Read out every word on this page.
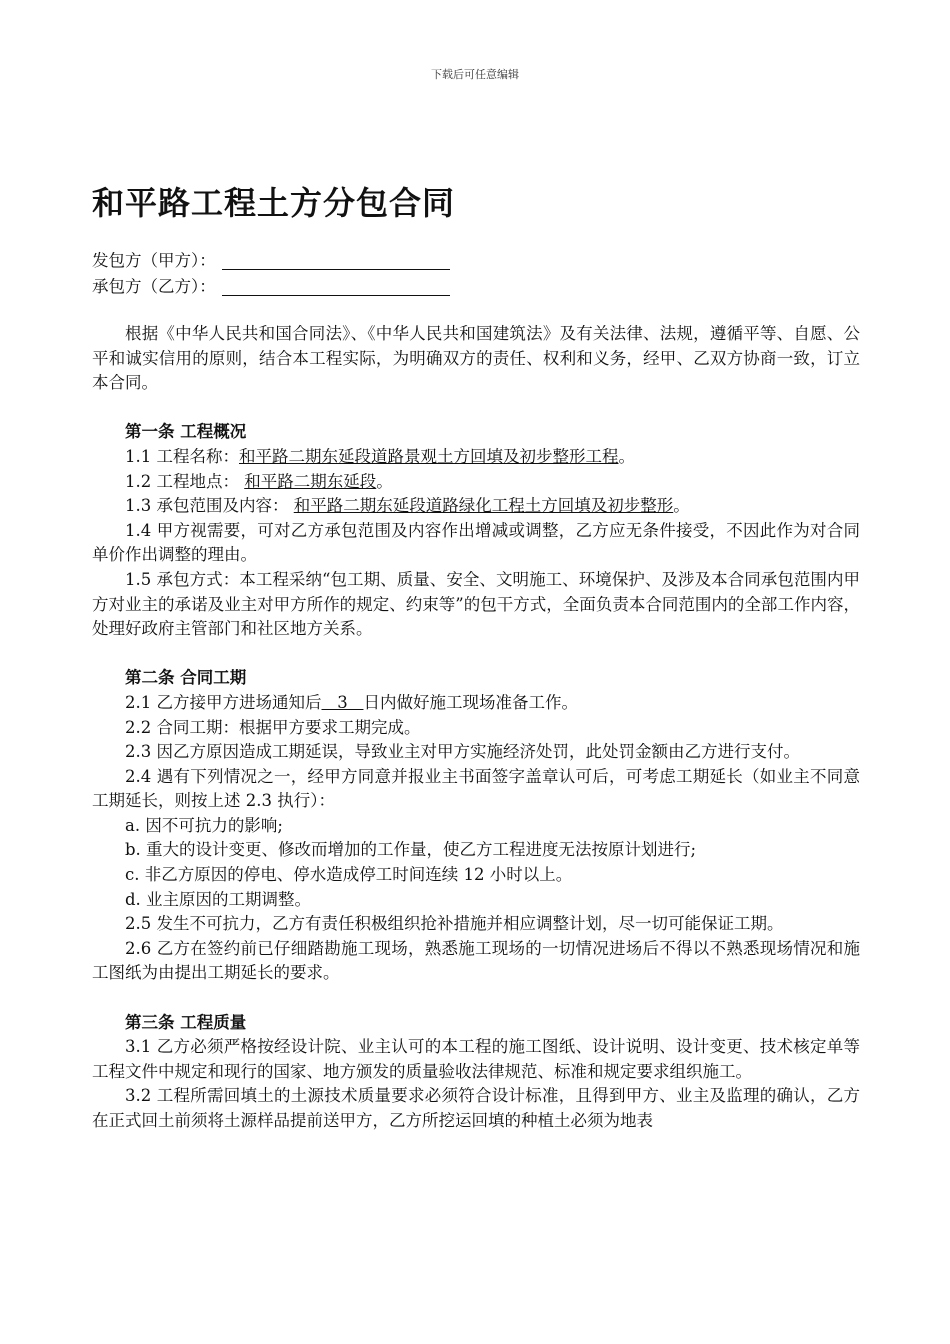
下载后可任意编辑
和平路工程土方分包合同
发包方（甲方）：
承包方（乙方）：

根据《中华人民共和国合同法》、《中华人民共和国建筑法》及有关法律、法规，遵循平等、自愿、公平和诚实信用的原则，结合本工程实际，为明确双方的责任、权利和义务，经甲、乙双方协商一致，订立本合同。

第一条 工程概况

1.1 工程名称：和平路二期东延段道路景观土方回填及初步整形工程。

1.2 工程地点： 和平路二期东延段。

1.3 承包范围及内容： 和平路二期东延段道路绿化工程土方回填及初步整形。

1.4 甲方视需要，可对乙方承包范围及内容作出增减或调整，乙方应无条件接受，不因此作为对合同单价作出调整的理由。

1.5 承包方式：本工程采纳“包工期、质量、安全、文明施工、环境保护、及涉及本合同承包范围内甲方对业主的承诺及业主对甲方所作的规定、约束等”的包干方式，全面负责本合同范围内的全部工作内容，处理好政府主管部门和社区地方关系。

第二条 合同工期

2.1 乙方接甲方进场通知后   3   日内做好施工现场准备工作。

2.2 合同工期：根据甲方要求工期完成。

2.3 因乙方原因造成工期延误，导致业主对甲方实施经济处罚，此处罚金额由乙方进行支付。

2.4 遇有下列情况之一，经甲方同意并报业主书面签字盖章认可后，可考虑工期延长（如业主不同意工期延长，则按上述 2.3 执行）：

a. 因不可抗力的影响;

b. 重大的设计变更、修改而增加的工作量，使乙方工程进度无法按原计划进行;

c. 非乙方原因的停电、停水造成停工时间连续 12 小时以上。

d. 业主原因的工期调整。

2.5 发生不可抗力，乙方有责任积极组织抢补措施并相应调整计划，尽一切可能保证工期。

2.6 乙方在签约前已仔细踏勘施工现场，熟悉施工现场的一切情况进场后不得以不熟悉现场情况和施工图纸为由提出工期延长的要求。

第三条 工程质量

3.1 乙方必须严格按经设计院、业主认可的本工程的施工图纸、设计说明、设计变更、技术核定单等工程文件中规定和现行的国家、地方颁发的质量验收法律规范、标准和规定要求组织施工。

3.2 工程所需回填土的土源技术质量要求必须符合设计标准，且得到甲方、业主及监理的确认，乙方在正式回土前须将土源样品提前送甲方，乙方所挖运回填的种植土必须为地表
